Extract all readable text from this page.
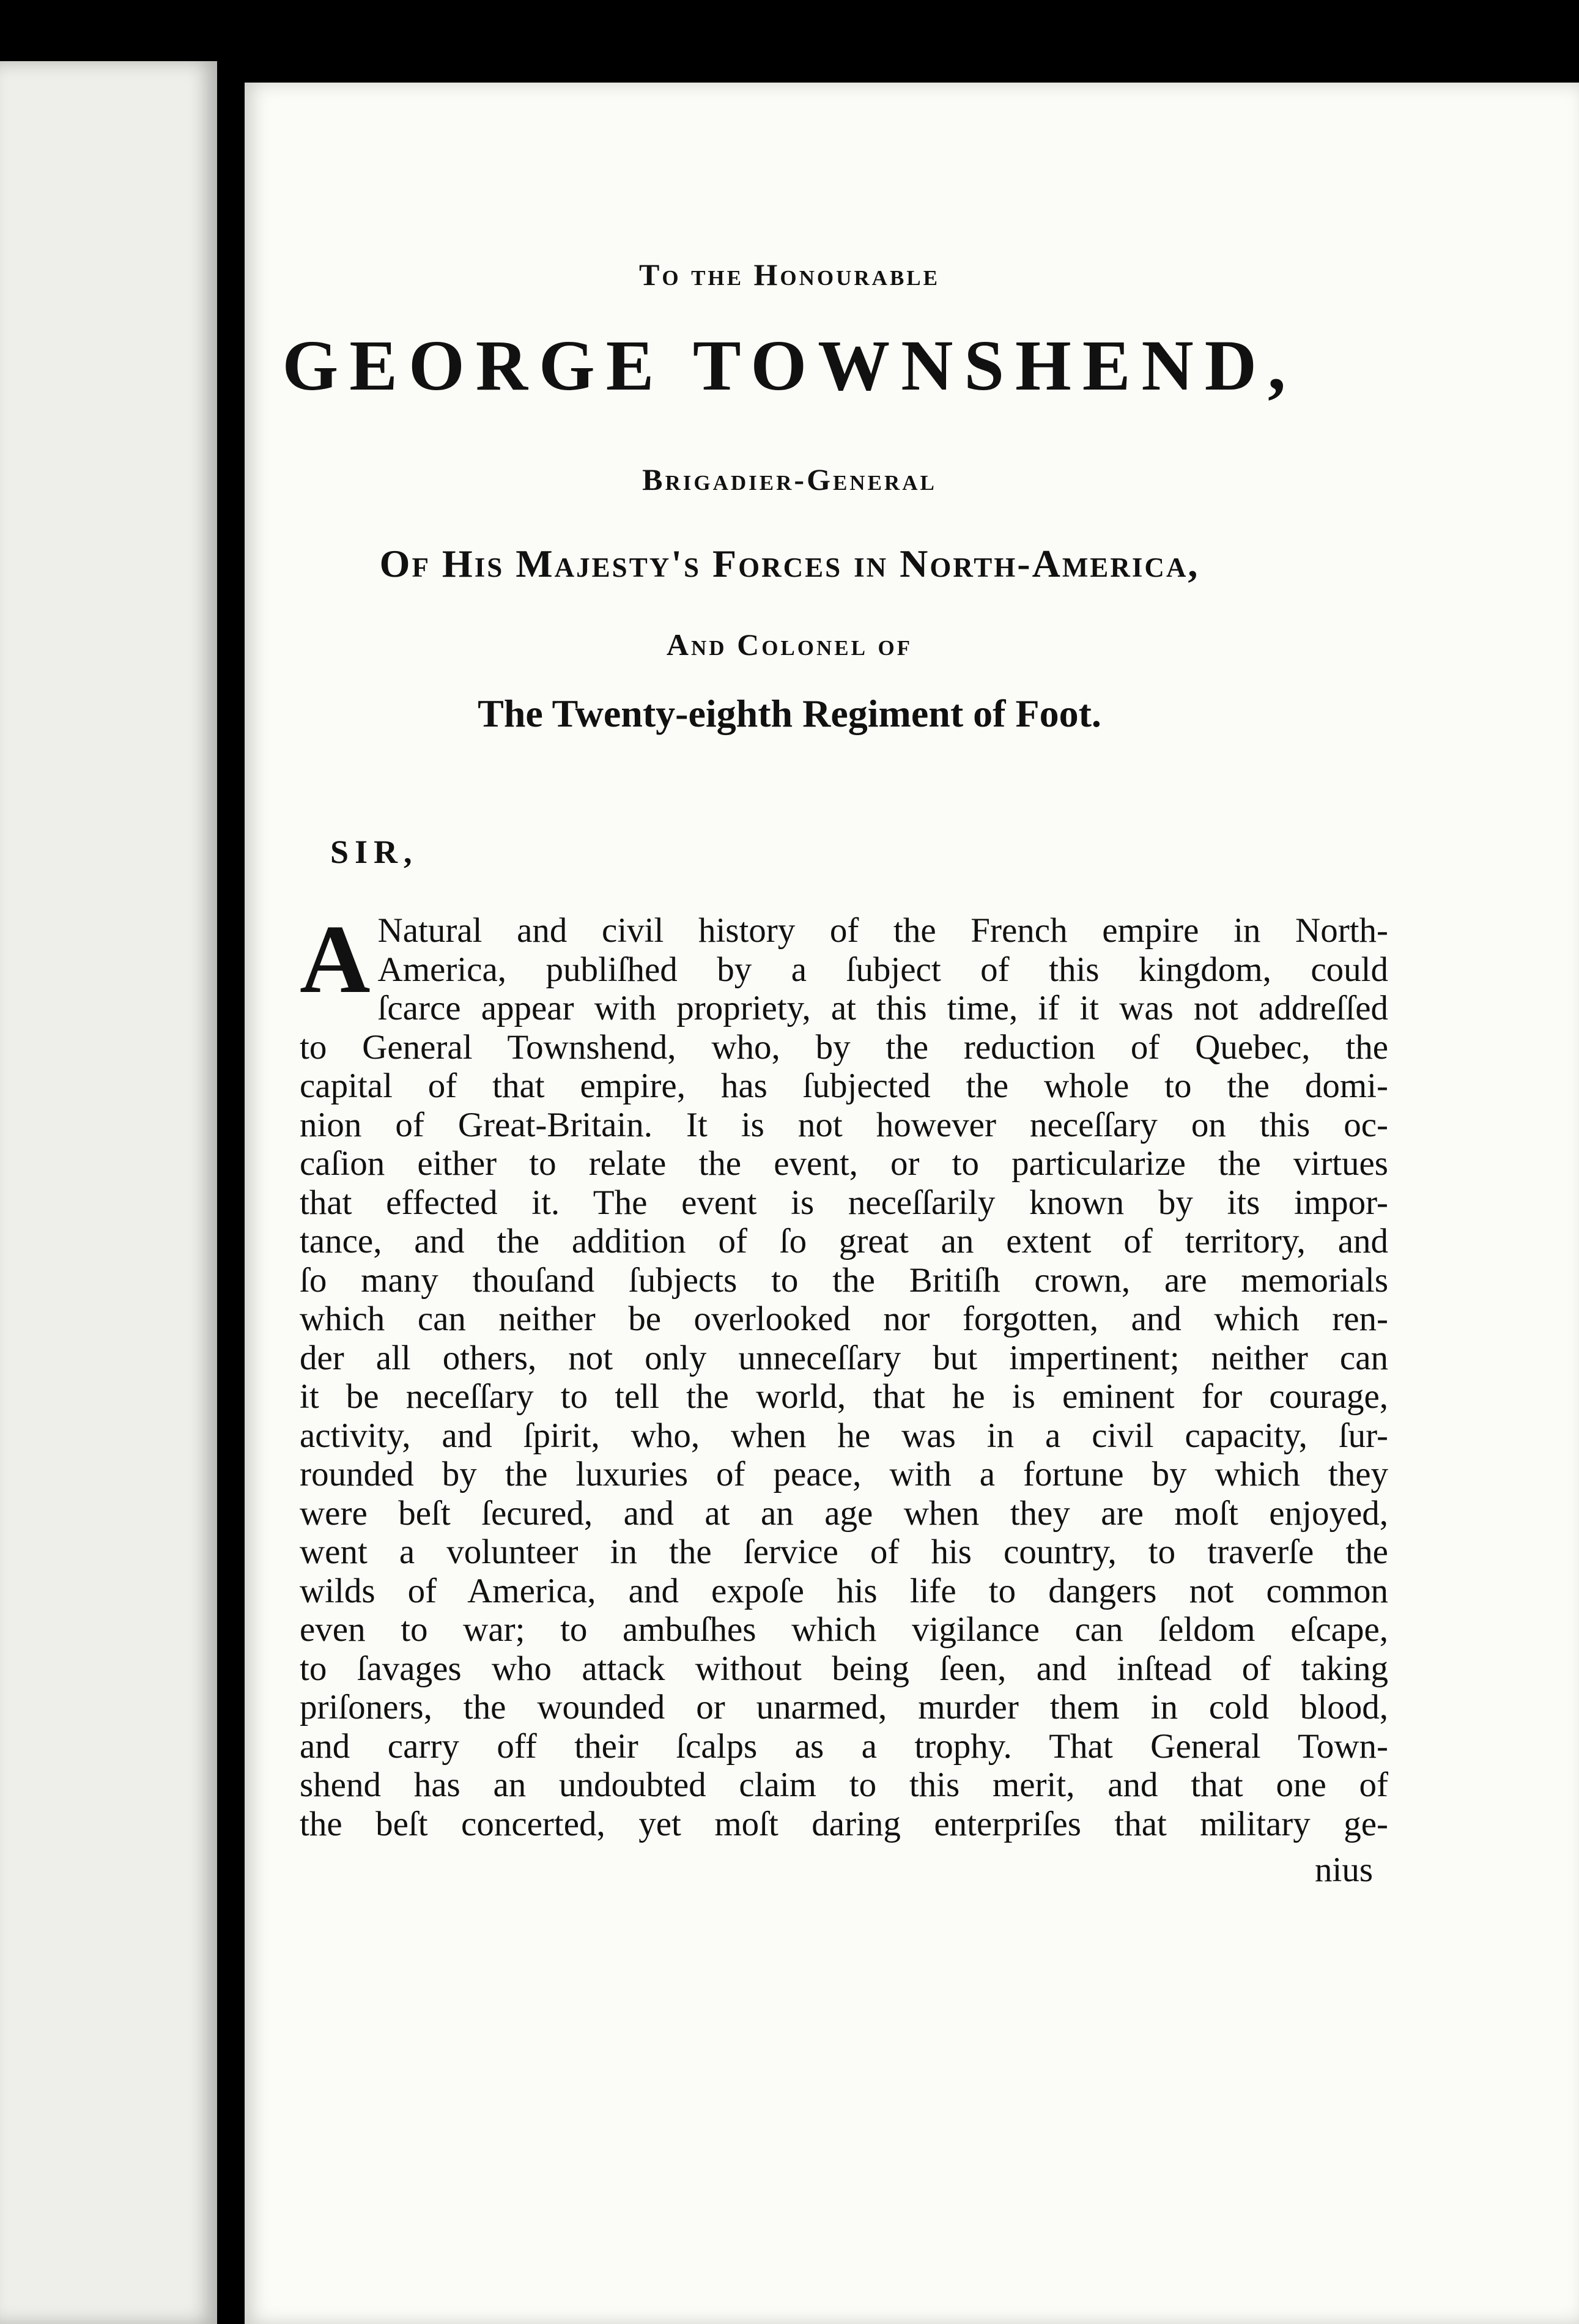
To the Honourable
GEORGE TOWNSHEND,
Brigadier-General
Of His Majesty's Forces in North-America,
And Colonel of
The Twenty-eighth Regiment of Foot.
SIR,
A Natural and civil history of the French empire in North-
America, publiſhed by a ſubject of this kingdom, could
ſcarce appear with propriety, at this time, if it was not addreſſed
to General Townshend, who, by the reduction of Quebec, the
capital of that empire, has ſubjected the whole to the domi-
nion of Great-Britain. It is not however neceſſary on this oc-
caſion either to relate the event, or to particularize the virtues
that effected it. The event is neceſſarily known by its impor-
tance, and the addition of ſo great an extent of territory, and
ſo many thouſand ſubjects to the Britiſh crown, are memorials
which can neither be overlooked nor forgotten, and which ren-
der all others, not only unneceſſary but impertinent; neither can
it be neceſſary to tell the world, that he is eminent for courage,
activity, and ſpirit, who, when he was in a civil capacity, ſur-
rounded by the luxuries of peace, with a fortune by which they
were beſt ſecured, and at an age when they are moſt enjoyed,
went a volunteer in the ſervice of his country, to traverſe the
wilds of America, and expoſe his life to dangers not common
even to war; to ambuſhes which vigilance can ſeldom eſcape,
to ſavages who attack without being ſeen, and inſtead of taking
priſoners, the wounded or unarmed, murder them in cold blood,
and carry off their ſcalps as a trophy. That General Town-
shend has an undoubted claim to this merit, and that one of
the beſt concerted, yet moſt daring enterpriſes that military ge-
nius
